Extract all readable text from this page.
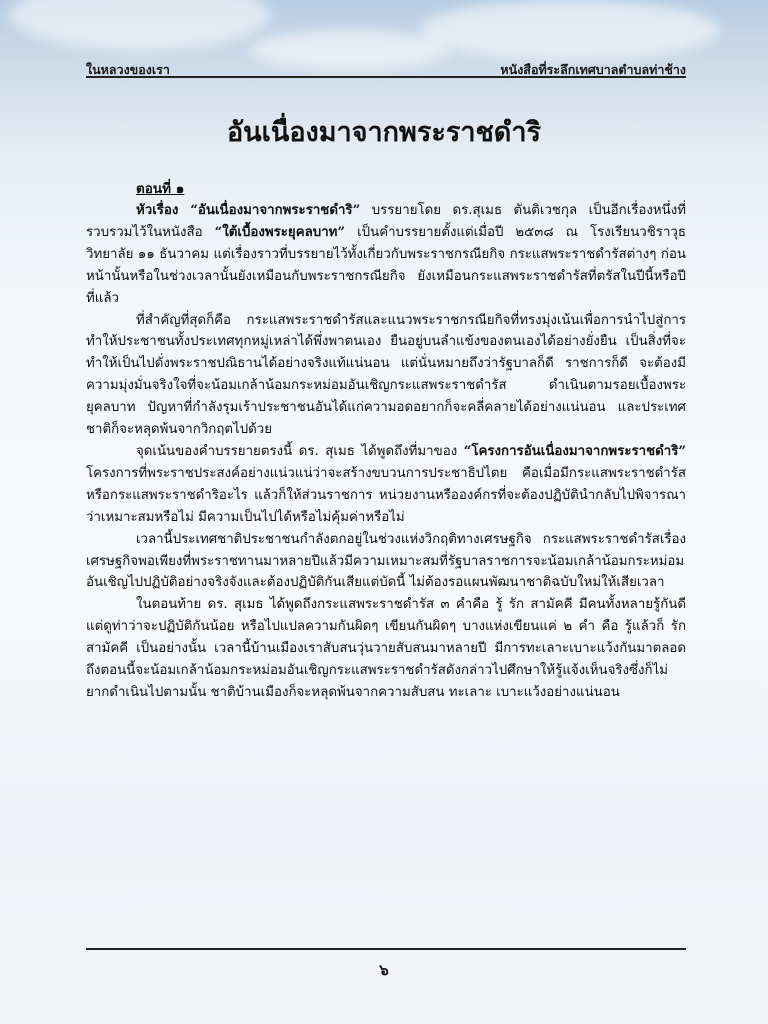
ในหลวงของเรา	หนังสือที่ระลึกเทศบาลตำบลท่าช้าง
อันเนื่องมาจากพระราชดำริ
ตอนที่ ๑

หัวเรื่อง “อันเนื่องมาจากพระราชดำริ” บรรยายโดย ดร.สุเมธ ตันติเวชกุล เป็นอีกเรื่องหนึ่งที่รวบรวมไว้ในหนังสือ “ใต้เบื้องพระยุคลบาท” เป็นคำบรรยายตั้งแต่เมื่อปี ๒๕๓๘ ณ โรงเรียนวชิราวุธวิทยาลัย ๑๑ ธันวาคม แต่เรื่องราวที่บรรยายไว้ทั้งเกี่ยวกับพระราชกรณียกิจ กระแสพระราชดำรัสต่างๆ ก่อนหน้านั้นหรือในช่วงเวลานั้นยังเหมือนกับพระราชกรณียกิจ ยังเหมือนกระแสพระราชดำรัสที่ตรัสในปีนี้หรือปีที่แล้ว

ที่สำคัญที่สุดก็คือ กระแสพระราชดำรัสและแนวพระราชกรณียกิจที่ทรงมุ่งเน้นเพื่อการนำไปสู่การทำให้ประชาชนทั้งประเทศทุกหมู่เหล่าได้พึ่งพาตนเอง ยืนอยู่บนลำแข้งของตนเองได้อย่างยั่งยืน เป็นสิ่งที่จะทำให้เป็นไปดั่งพระราชปณิธานได้อย่างจริงแท้แน่นอน แต่นั่นหมายถึงว่ารัฐบาลก็ดี ราชการก็ดี จะต้องมีความมุ่งมั่นจริงใจที่จะน้อมเกล้าน้อมกระหม่อมอันเชิญกระแสพระราชดำรัส ดำเนินตามรอยเบื้องพระยุคลบาท ปัญหาที่กำลังรุมเร้าประชาชนอันได้แก่ความอดอยากก็จะคลี่คลายได้อย่างแน่นอน และประเทศชาติก็จะหลุดพ้นจากวิกฤตไปด้วย

จุดเน้นของคำบรรยายตรงนี้ ดร. สุเมธ ได้พูดถึงที่มาของ “โครงการอันเนื่องมาจากพระราชดำริ” โครงการที่พระราชประสงค์อย่างแน่วแน่ว่าจะสร้างขบวนการประชาธิปไตย คือเมื่อมีกระแสพระราชดำรัสหรือกระแสพระราชดำริอะไร แล้วก็ให้ส่วนราชการ หน่วยงานหรือองค์กรที่จะต้องปฏิบัตินำกลับไปพิจารณาว่าเหมาะสมหรือไม่ มีความเป็นไปได้หรือไม่คุ้มค่าหรือไม่

เวลานี้ประเทศชาติประชาชนกำลังตกอยู่ในช่วงแห่งวิกฤติทางเศรษฐกิจ กระแสพระราชดำรัสเรื่องเศรษฐกิจพอเพียงที่พระราชทานมาหลายปีแล้วมีความเหมาะสมที่รัฐบาลราชการจะน้อมเกล้าน้อมกระหม่อมอันเชิญไปปฏิบัติอย่างจริงจังและต้องปฏิบัติกันเสียแต่บัดนี้ ไม่ต้องรอแผนพัฒนาชาติฉบับใหม่ให้เสียเวลา

ในตอนท้าย ดร. สุเมธ ได้พูดถึงกระแสพระราชดำรัส ๓ คำคือ รู้ รัก สามัคคี มีคนทั้งหลายรู้กันดี แต่ดูท่าว่าจะปฏิบัติกันน้อย หรือไปแปลความกันผิดๆ เขียนกันผิดๆ บางแห่งเขียนแค่ ๒ คำ คือ รู้แล้วก็ รัก สามัคคี เป็นอย่างนั้น เวลานี้บ้านเมืองเราสับสนวุ่นวายสับสนมาหลายปี มีการทะเลาะเบาะแว้งกันมาตลอด ถึงตอนนี้จะน้อมเกล้าน้อมกระหม่อมอันเชิญกระแสพระราชดำรัสดังกล่าวไปศึกษาให้รู้แจ้งเห็นจริงซึ่งก็ไม่ยากดำเนินไปตามนั้น ชาติบ้านเมืองก็จะหลุดพ้นจากความสับสน ทะเลาะ เบาะแว้งอย่างแน่นอน

๖
